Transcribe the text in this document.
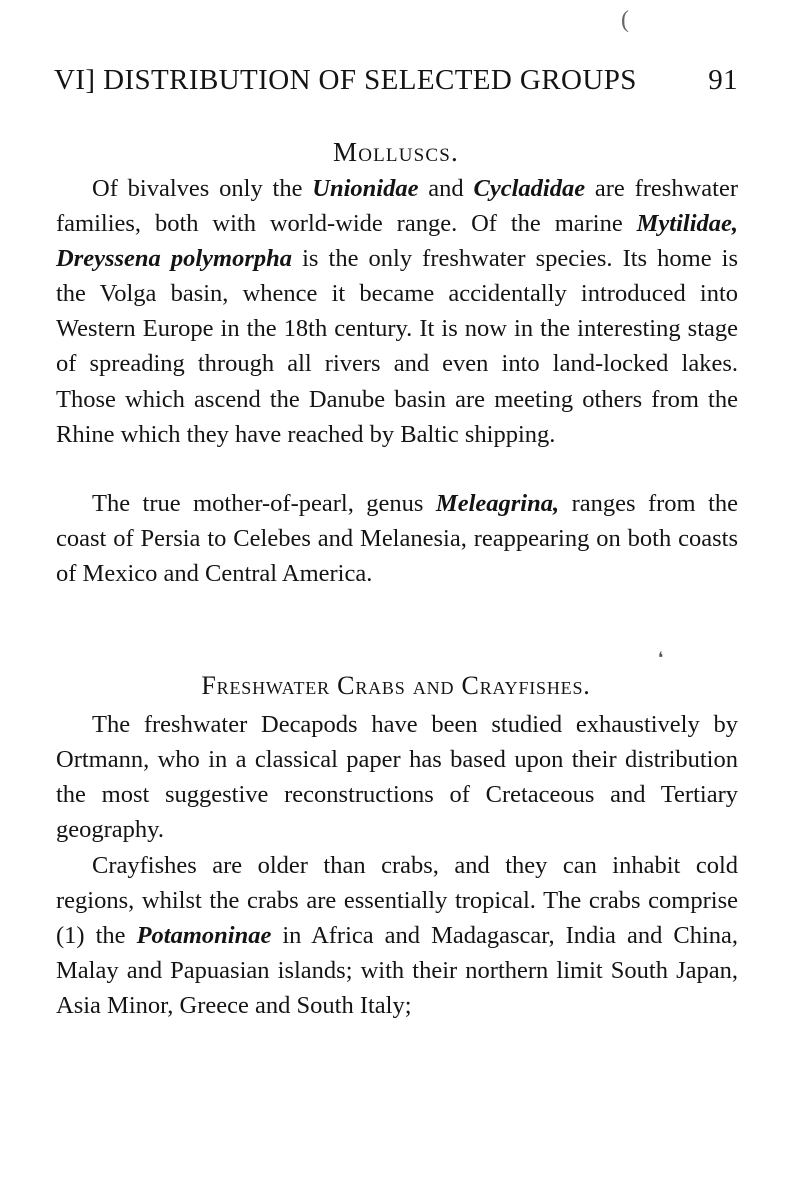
(
VI] DISTRIBUTION OF SELECTED GROUPS 91
Molluscs.
Of bivalves only the Unionidae and Cycladidae are freshwater families, both with world-wide range. Of the marine Mytilidae, Dreyssena polymorpha is the only freshwater species. Its home is the Volga basin, whence it became accidentally introduced into Western Europe in the 18th century. It is now in the interesting stage of spreading through all rivers and even into land-locked lakes. Those which ascend the Danube basin are meeting others from the Rhine which they have reached by Baltic shipping.
The true mother-of-pearl, genus Meleagrina, ranges from the coast of Persia to Celebes and Melanesia, reappearing on both coasts of Mexico and Central America.
❛
Freshwater Crabs and Crayfishes.
The freshwater Decapods have been studied exhaustively by Ortmann, who in a classical paper has based upon their distribution the most suggestive reconstructions of Cretaceous and Tertiary geography.
Crayfishes are older than crabs, and they can inhabit cold regions, whilst the crabs are essentially tropical. The crabs comprise (1) the Potamoninae in Africa and Madagascar, India and China, Malay and Papuasian islands; with their northern limit South Japan, Asia Minor, Greece and South Italy;
